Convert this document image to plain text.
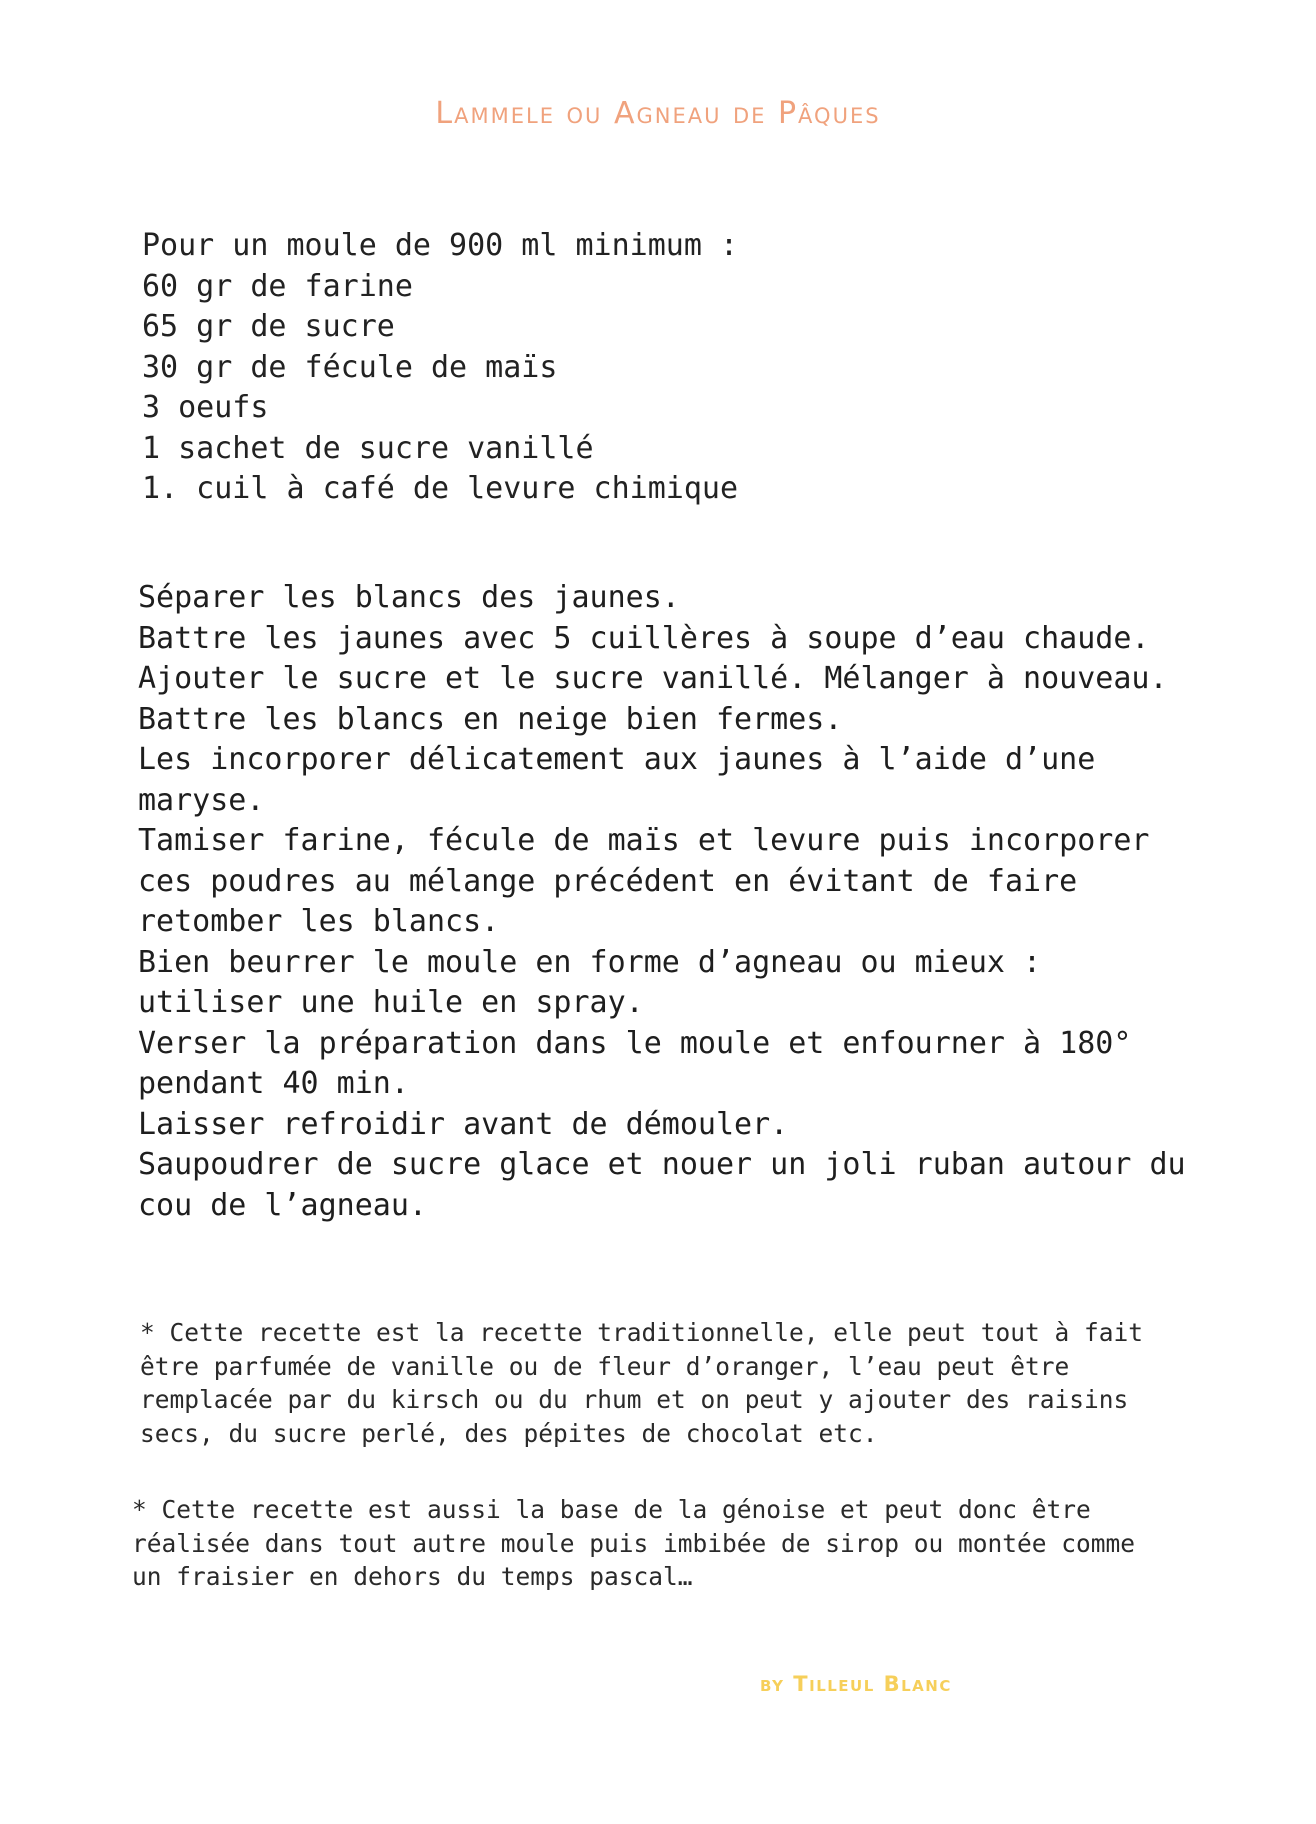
Lammele ou Agneau de Pâques
Pour un moule de 900 ml minimum :
60 gr de farine
65 gr de sucre
30 gr de fécule de maïs
3 oeufs
1 sachet de sucre vanillé
1. cuil à café de levure chimique
Séparer les blancs des jaunes.
Battre les jaunes avec 5 cuillères à soupe d’eau chaude.
Ajouter le sucre et le sucre vanillé. Mélanger à nouveau.
Battre les blancs en neige bien fermes.
Les incorporer délicatement aux jaunes à l’aide d’une maryse.
Tamiser farine, fécule de maïs et levure puis incorporer ces poudres au mélange précédent en évitant de faire retomber les blancs.
Bien beurrer le moule en forme d’agneau ou mieux : utiliser une huile en spray.
Verser la préparation dans le moule et enfourner à 180° pendant 40 min.
Laisser refroidir avant de démouler.
Saupoudrer de sucre glace et nouer un joli ruban autour du cou de l’agneau.

* Cette recette est la recette traditionnelle, elle peut tout à fait être parfumée de vanille ou de fleur d’oranger, l’eau peut être remplacée par du kirsch ou du rhum et on peut y ajouter des raisins secs, du sucre perlé, des pépites de chocolat etc.

* Cette recette est aussi la base de la génoise et peut donc être réalisée dans tout autre moule puis imbibée de sirop ou montée comme un fraisier en dehors du temps pascal…

by Tilleul Blanc
